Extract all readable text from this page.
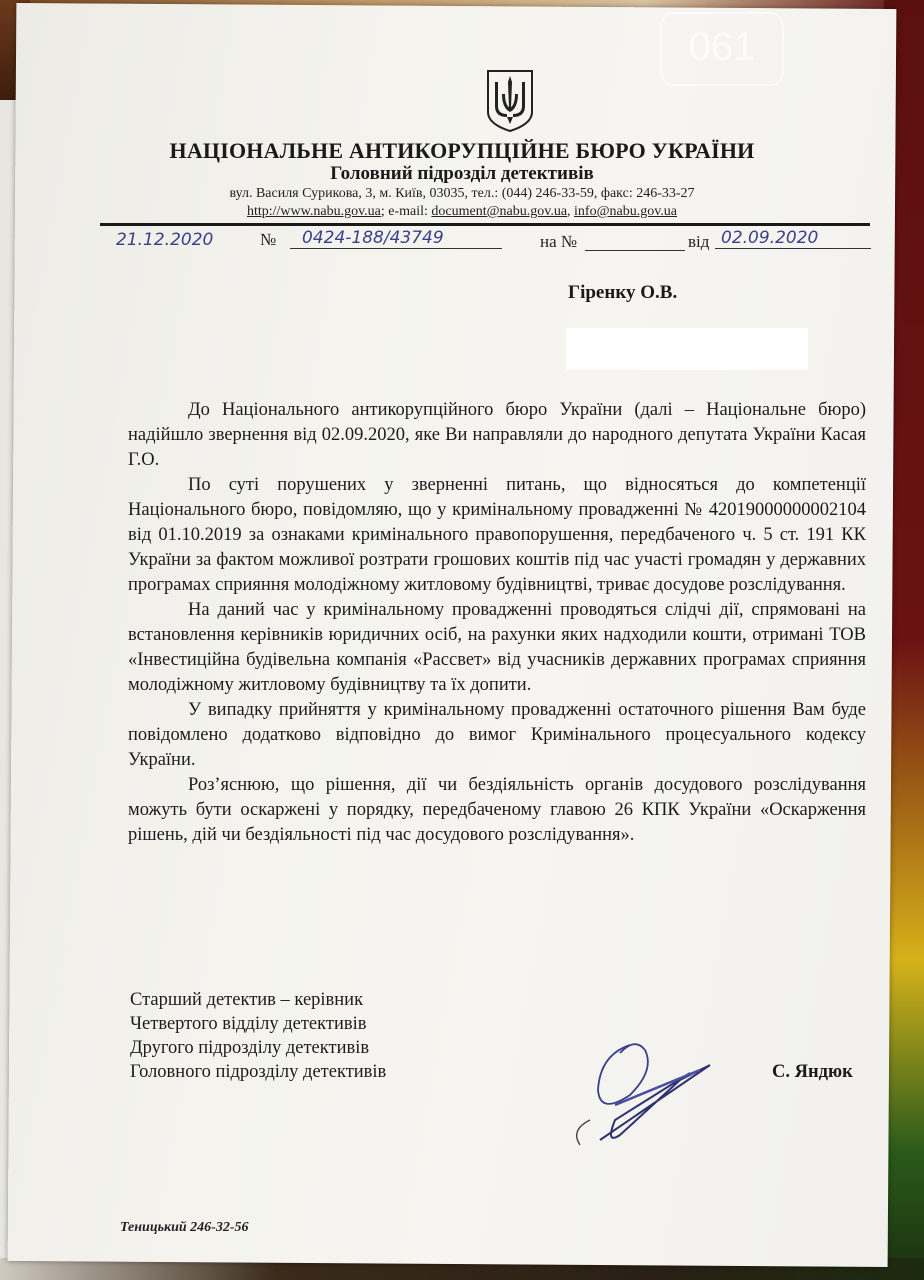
061
НАЦІОНАЛЬНЕ АНТИКОРУПЦІЙНЕ БЮРО УКРАЇНИ
Головний підрозділ детективів
вул. Василя Сурикова, 3, м. Київ, 03035, тел.: (044) 246-33-59, факс: 246-33-27
http://www.nabu.gov.ua; e-mail: document@nabu.gov.ua, info@nabu.gov.ua
21.12.2020	№	0424-188/43749	на №	від 02.09.2020
Гіренку О.В.

До Національного антикорупційного бюро України (далі – Національне бюро) надійшло звернення від 02.09.2020, яке Ви направляли до народного депутата України Касая Г.О.

По суті порушених у зверненні питань, що відносяться до компетенції Національного бюро, повідомляю, що у кримінальному провадженні № 42019000000002104 від 01.10.2019 за ознаками кримінального правопорушення, передбаченого ч. 5 ст. 191 КК України за фактом можливої розтрати грошових коштів під час участі громадян у державних програмах сприяння молодіжному житловому будівництві, триває досудове розслідування.

На даний час у кримінальному провадженні проводяться слідчі дії, спрямовані на встановлення керівників юридичних осіб, на рахунки яких надходили кошти, отримані ТОВ «Інвестиційна будівельна компанія «Рассвет» від учасників державних програмах сприяння молодіжному житловому будівництву та їх допити.

У випадку прийняття у кримінальному провадженні остаточного рішення Вам буде повідомлено додатково відповідно до вимог Кримінального процесуального кодексу України.

Роз’яснюю, що рішення, дії чи бездіяльність органів досудового розслідування можуть бути оскаржені у порядку, передбаченому главою 26 КПК України «Оскарження рішень, дій чи бездіяльності під час досудового розслідування».

Старший детектив – керівник
Четвертого відділу детективів
Другого підрозділу детективів
Головного підрозділу детективів	С. Яндюк
Теницький 246-32-56
